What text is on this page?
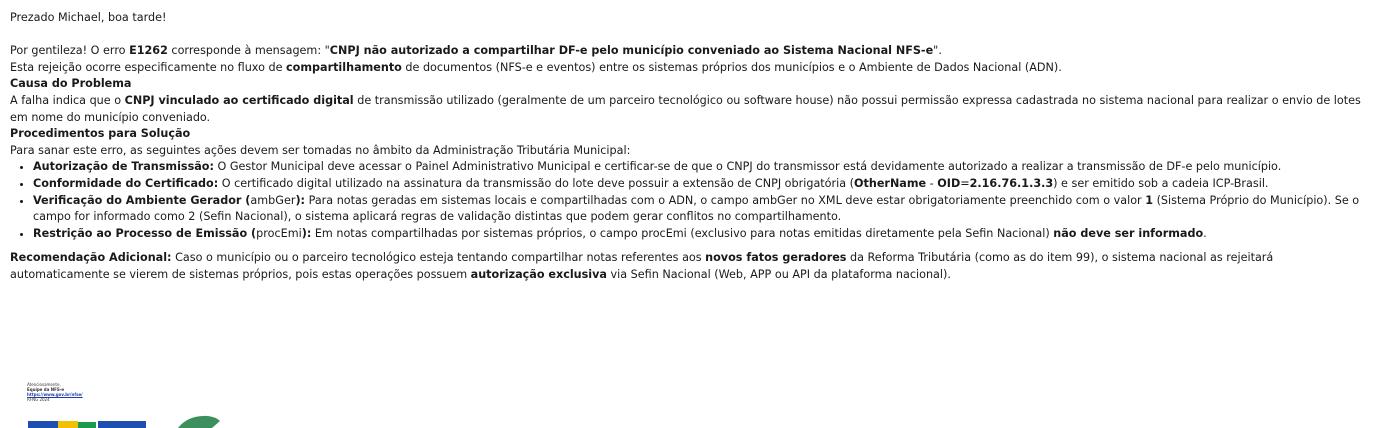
Prezado Michael, boa tarde!

Por gentileza! O erro E1262 corresponde à mensagem: "CNPJ não autorizado a compartilhar DF-e pelo município conveniado ao Sistema Nacional NFS-e".

Esta rejeição ocorre especificamente no fluxo de compartilhamento de documentos (NFS-e e eventos) entre os sistemas próprios dos municípios e o Ambiente de Dados Nacional (ADN).

Causa do Problema

A falha indica que o CNPJ vinculado ao certificado digital de transmissão utilizado (geralmente de um parceiro tecnológico ou software house) não possui permissão expressa cadastrada no sistema nacional para realizar o envio de lotes em nome do município conveniado.

Procedimentos para Solução

Para sanar este erro, as seguintes ações devem ser tomadas no âmbito da Administração Tributária Municipal:

• Autorização de Transmissão: O Gestor Municipal deve acessar o Painel Administrativo Municipal e certificar-se de que o CNPJ do transmissor está devidamente autorizado a realizar a transmissão de DF-e pelo município.
• Conformidade do Certificado: O certificado digital utilizado na assinatura da transmissão do lote deve possuir a extensão de CNPJ obrigatória (OtherName - OID=2.16.76.1.3.3) e ser emitido sob a cadeia ICP-Brasil.
• Verificação do Ambiente Gerador (ambGer): Para notas geradas em sistemas locais e compartilhadas com o ADN, o campo ambGer no XML deve estar obrigatoriamente preenchido com o valor 1 (Sistema Próprio do Município). Se o campo for informado como 2 (Sefin Nacional), o sistema aplicará regras de validação distintas que podem gerar conflitos no compartilhamento.
• Restrição ao Processo de Emissão (procEmi): Em notas compartilhadas por sistemas próprios, o campo procEmi (exclusivo para notas emitidas diretamente pela Sefin Nacional) não deve ser informado.

Recomendação Adicional: Caso o município ou o parceiro tecnológico esteja tentando compartilhar notas referentes aos novos fatos geradores da Reforma Tributária (como as do item 99), o sistema nacional as rejeitará automaticamente se vierem de sistemas próprios, pois estas operações possuem autorização exclusiva via Sefin Nacional (Web, APP ou API da plataforma nacional).

Atenciosamente,
Equipe da NFS-e
https://www.gov.br/nfse/
RFNG 2024
